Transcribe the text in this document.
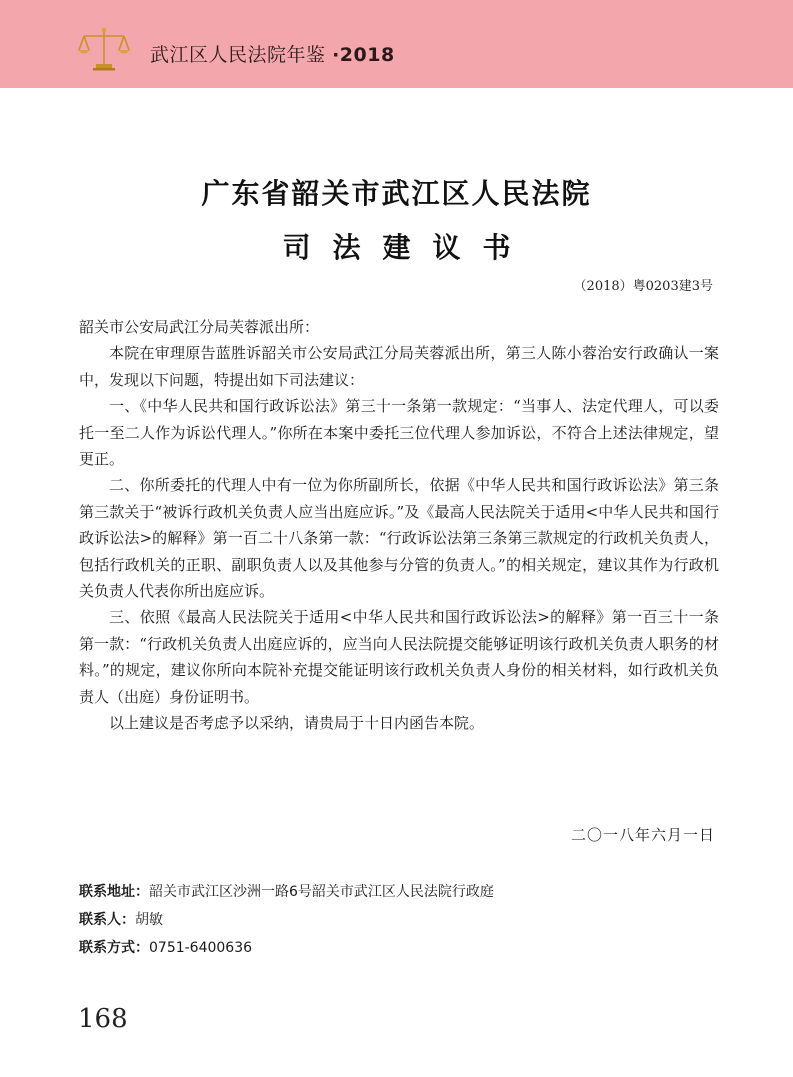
武江区人民法院年鉴 ·2018
广东省韶关市武江区人民法院
司法建议书
（2018）粤0203建3号

韶关市公安局武江分局芙蓉派出所：

本院在审理原告蓝胜诉韶关市公安局武江分局芙蓉派出所，第三人陈小蓉治安行政确认一案中，发现以下问题，特提出如下司法建议：

一、《中华人民共和国行政诉讼法》第三十一条第一款规定：“当事人、法定代理人，可以委托一至二人作为诉讼代理人。”你所在本案中委托三位代理人参加诉讼，不符合上述法律规定，望更正。

二、你所委托的代理人中有一位为你所副所长，依据《中华人民共和国行政诉讼法》第三条第三款关于“被诉行政机关负责人应当出庭应诉。”及《最高人民法院关于适用<中华人民共和国行政诉讼法>的解释》第一百二十八条第一款：“行政诉讼法第三条第三款规定的行政机关负责人，包括行政机关的正职、副职负责人以及其他参与分管的负责人。”的相关规定，建议其作为行政机关负责人代表你所出庭应诉。

三、依照《最高人民法院关于适用<中华人民共和国行政诉讼法>的解释》第一百三十一条第一款：“行政机关负责人出庭应诉的，应当向人民法院提交能够证明该行政机关负责人职务的材料。”的规定，建议你所向本院补充提交能证明该行政机关负责人身份的相关材料，如行政机关负责人（出庭）身份证明书。

以上建议是否考虑予以采纳，请贵局于十日内函告本院。

二〇一八年六月一日
联系地址：韶关市武江区沙洲一路6号韶关市武江区人民法院行政庭
联系人：胡敏
联系方式：0751-6400636
168
